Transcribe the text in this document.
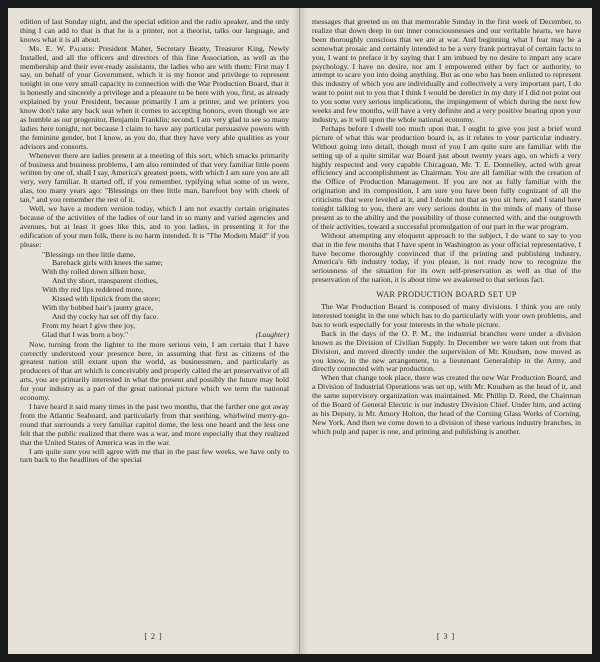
edition of last Sunday night, and the special edition and the radio speaker, and the only thing I can add to that is that he is a printer, not a theorist, talks our language, and knows what it is all about.

Mr. E. W. Palmer: President Maher, Secretary Beatty, Treasurer King, Newly Installed, and all the officers and directors of this fine Association, as well as the membership and their ever-ready assistants, the ladies who are with them: First may I say, on behalf of your Government, which it is my honor and privilege to represent tonight in one very small capacity in connection with the War Production Board, that it is honestly and sincerely a privilege and a pleasure to be here with you, first, as already explained by your President, because primarily I am a printer, and we printers you know don't take any back seat when it comes to accepting honors, even though we are as humble as our progenitor, Benjamin Franklin; second, I am very glad to see so many ladies here tonight, not because I claim to have any particular persuasive powers with the feminine gender, but I know, as you do, that they have very able qualities as your advisors and consorts.

Whenever there are ladies present at a meeting of this sort, which smacks primarily of business and business problems, I am also reminded of that very familiar little poem written by one of, shall I say, America's greatest poets, with which I am sure you are all very, very familiar. It started off, if you remember, typifying what some of us were, alas, too many years ago: "Blessings on thee little man, barefoot boy with cheek of tan," and you remember the rest of it.

Well, we have a modern version today, which I am not exactly certain originates because of the activities of the ladies of our land in so many and varied agencies and avenues, but at least it goes like this, and to you ladies, in presenting it for the edification of your men folk, there is no harm intended. It is "The Modern Maid" if you please:

"Blessings on thee little dame,
Bareback girls with knees the same;
With thy rolled down silken hose,
And thy short, transparent clothes,
With thy red lips reddened more,
Kissed with lipstick from the store;
With thy bobbed hair's jaunty grace,
And thy cocky hat set off thy face.
From my heart I give thee joy,
Glad that I was born a boy."	(Laughter)

Now, turning from the lighter to the more serious vein, I am certain that I have correctly understood your presence here, in assuming that first as citizens of the greatest nation still extant upon the world, as businessmen, and particularly as producers of that art which is conceivably and properly called the art preservative of all arts, you are primarily interested in what the present and possibly the future may hold for your industry as a part of the great national picture which we term the national economy.

I have heard it said many times in the past two months, that the farther one got away from the Atlantic Seaboard, and particularly from that seething, whirlwind merry-go-round that surrounds a very familiar capitol dome, the less one heard and the less one felt that the public realized that there was a war, and more especially that they realized that the United States of America was in the war.

I am quite sure you will agree with me that in the past few weeks, we have only to turn back to the headlines of the special

[ 2 ]

messages that greeted us on that memorable Sunday in the first week of December, to realize that down deep in our inner consciousnesses and our veritable hearts, we have been thoroughly conscious that we are at war. And beginning what I fear may be a somewhat prosaic and certainly intended to be a very frank portrayal of certain facts to you, I want to preface it by saying that I am imbued by no desire to impart any scare psychology. I have no desire, nor am I empowered either by fact or authority, to attempt to scare you into doing anything. But as one who has been enlisted to represent this industry of which you are individually and collectively a very important part, I do want to point out to you that I think I would be derelict in my duty if I did not point out to you some very serious implications, the impingement of which during the next few weeks and few months, will have a very definite and a very positive bearing upon your industry, as it will upon the whole national economy.

Perhaps before I dwell too much upon that, I ought to give you just a brief word picture of what this war production board is, as it relates to your particular industry. Without going into detail, though most of you I am quite sure are familiar with the setting up of a quite similar war Board just about twenty years ago, on which a very highly respected and very capable Chicagoan, Mr. T. E. Donnelley, acted with great efficiency and accomplishment as Chairman. You are all familiar with the creation of the Office of Production Management. If you are not as fully familiar with the origination and its composition, I am sure you have been fully cognizant of all the criticisms that were leveled at it, and I doubt not that as you sit here, and I stand here tonight talking to you, there are very serious doubts in the minds of many of those present as to the ability and the possibility of those connected with, and the outgrowth of their activities, toward a successful promulgation of our part in the war program.

Without attempting any eloquent approach to the subject, I do want to say to you that in the few months that I have spent in Washington as your official representative, I have become thoroughly convinced that if the printing and publishing industry, America's 6th industry today, if you please, is not ready now to recognize the seriousness of the situation for its own self-preservation as well as that of the preservation of the nation, it is about time we awakened to that serious fact.

WAR PRODUCTION BOARD SET UP

The War Production Board is composed of many divisions. I think you are only interested tonight in the one which has to do particularly with your own problems, and has to work especially for your interests in the whole picture.

Back in the days of the O. P. M., the industrial branches were under a division known as the Division of Civilian Supply. In December we were taken out from that Division, and moved directly under the supervision of Mr. Knudsen, now moved as you know, in the new arrangement, to a lieutenant Generalship in the Army, and directly connected with war production.

When that change took place, there was created the new War Production Board, and a Division of Industrial Operations was set up, with Mr. Knudsen as the head of it, and the same supervisory organization was maintained. Mr. Phillip D. Reed, the Chairman of the Board of General Electric is our industry Division Chief. Under him, and acting as his Deputy, is Mr. Amory Holton, the head of the Corning Glass Works of Corning, New York. And then we come down to a division of these various industry branches, in which pulp and paper is one, and printing and publishing is another.

[ 3 ]
